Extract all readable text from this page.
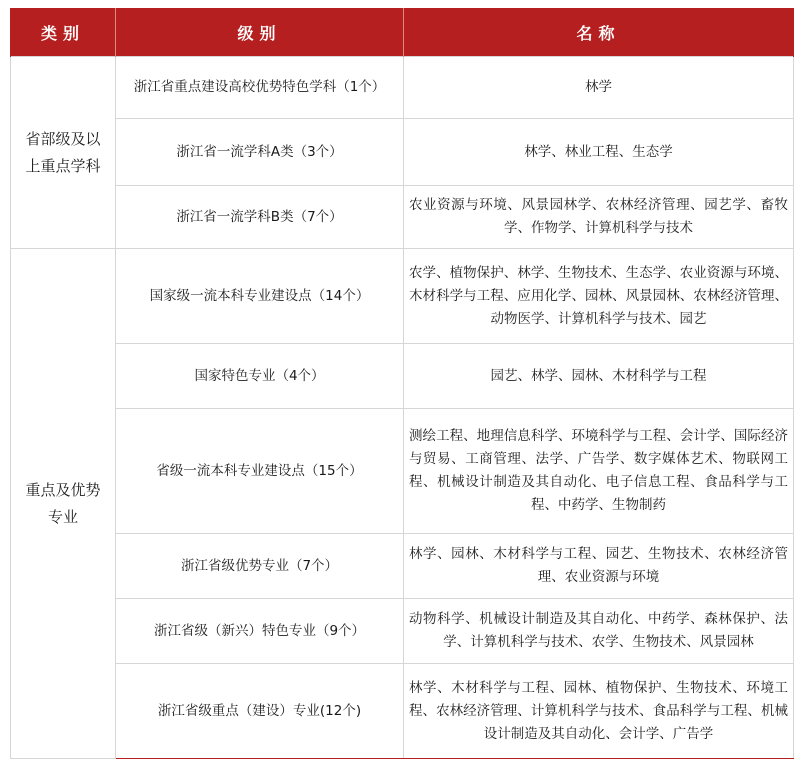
类别	级别	名称
省部级及以上重点学科	浙江省重点建设高校优势特色学科（1个）	林学
	浙江省一流学科A类（3个）	林学、林业工程、生态学
	浙江省一流学科B类（7个）	农业资源与环境、风景园林学、农林经济管理、园艺学、畜牧学、作物学、计算机科学与技术
重点及优势专业	国家级一流本科专业建设点（14个）	农学、植物保护、林学、生物技术、生态学、农业资源与环境、木材科学与工程、应用化学、园林、风景园林、农林经济管理、动物医学、计算机科学与技术、园艺
	国家特色专业（4个）	园艺、林学、园林、木材科学与工程
	省级一流本科专业建设点（15个）	测绘工程、地理信息科学、环境科学与工程、会计学、国际经济与贸易、工商管理、法学、广告学、数字媒体艺术、物联网工程、机械设计制造及其自动化、电子信息工程、食品科学与工程、中药学、生物制药
	浙江省级优势专业（7个）	林学、园林、木材科学与工程、园艺、生物技术、农林经济管理、农业资源与环境
	浙江省级（新兴）特色专业（9个）	动物科学、机械设计制造及其自动化、中药学、森林保护、法学、计算机科学与技术、农学、生物技术、风景园林
	浙江省级重点（建设）专业(12个)	林学、木材科学与工程、园林、植物保护、生物技术、环境工程、农林经济管理、计算机科学与技术、食品科学与工程、机械设计制造及其自动化、会计学、广告学
